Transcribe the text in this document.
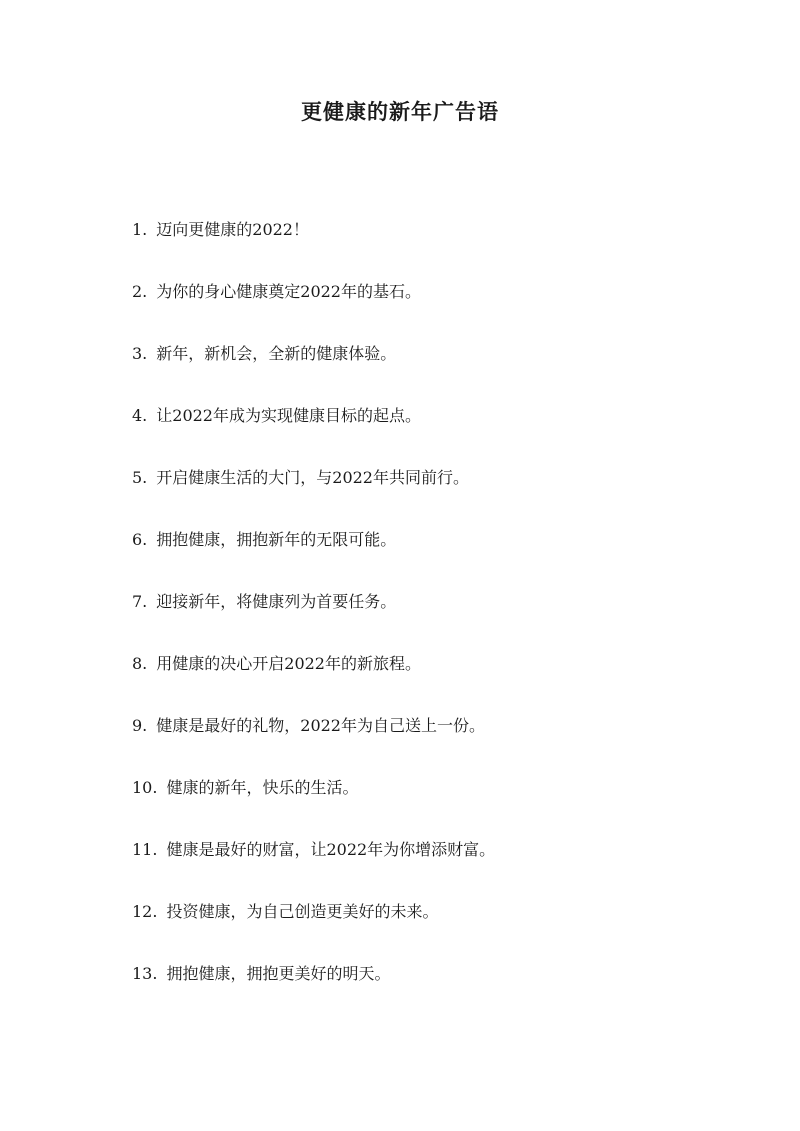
更健康的新年广告语
1. 迈向更健康的2022！
2. 为你的身心健康奠定2022年的基石。
3. 新年，新机会，全新的健康体验。
4. 让2022年成为实现健康目标的起点。
5. 开启健康生活的大门，与2022年共同前行。
6. 拥抱健康，拥抱新年的无限可能。
7. 迎接新年，将健康列为首要任务。
8. 用健康的决心开启2022年的新旅程。
9. 健康是最好的礼物，2022年为自己送上一份。
10. 健康的新年，快乐的生活。
11. 健康是最好的财富，让2022年为你增添财富。
12. 投资健康，为自己创造更美好的未来。
13. 拥抱健康，拥抱更美好的明天。
